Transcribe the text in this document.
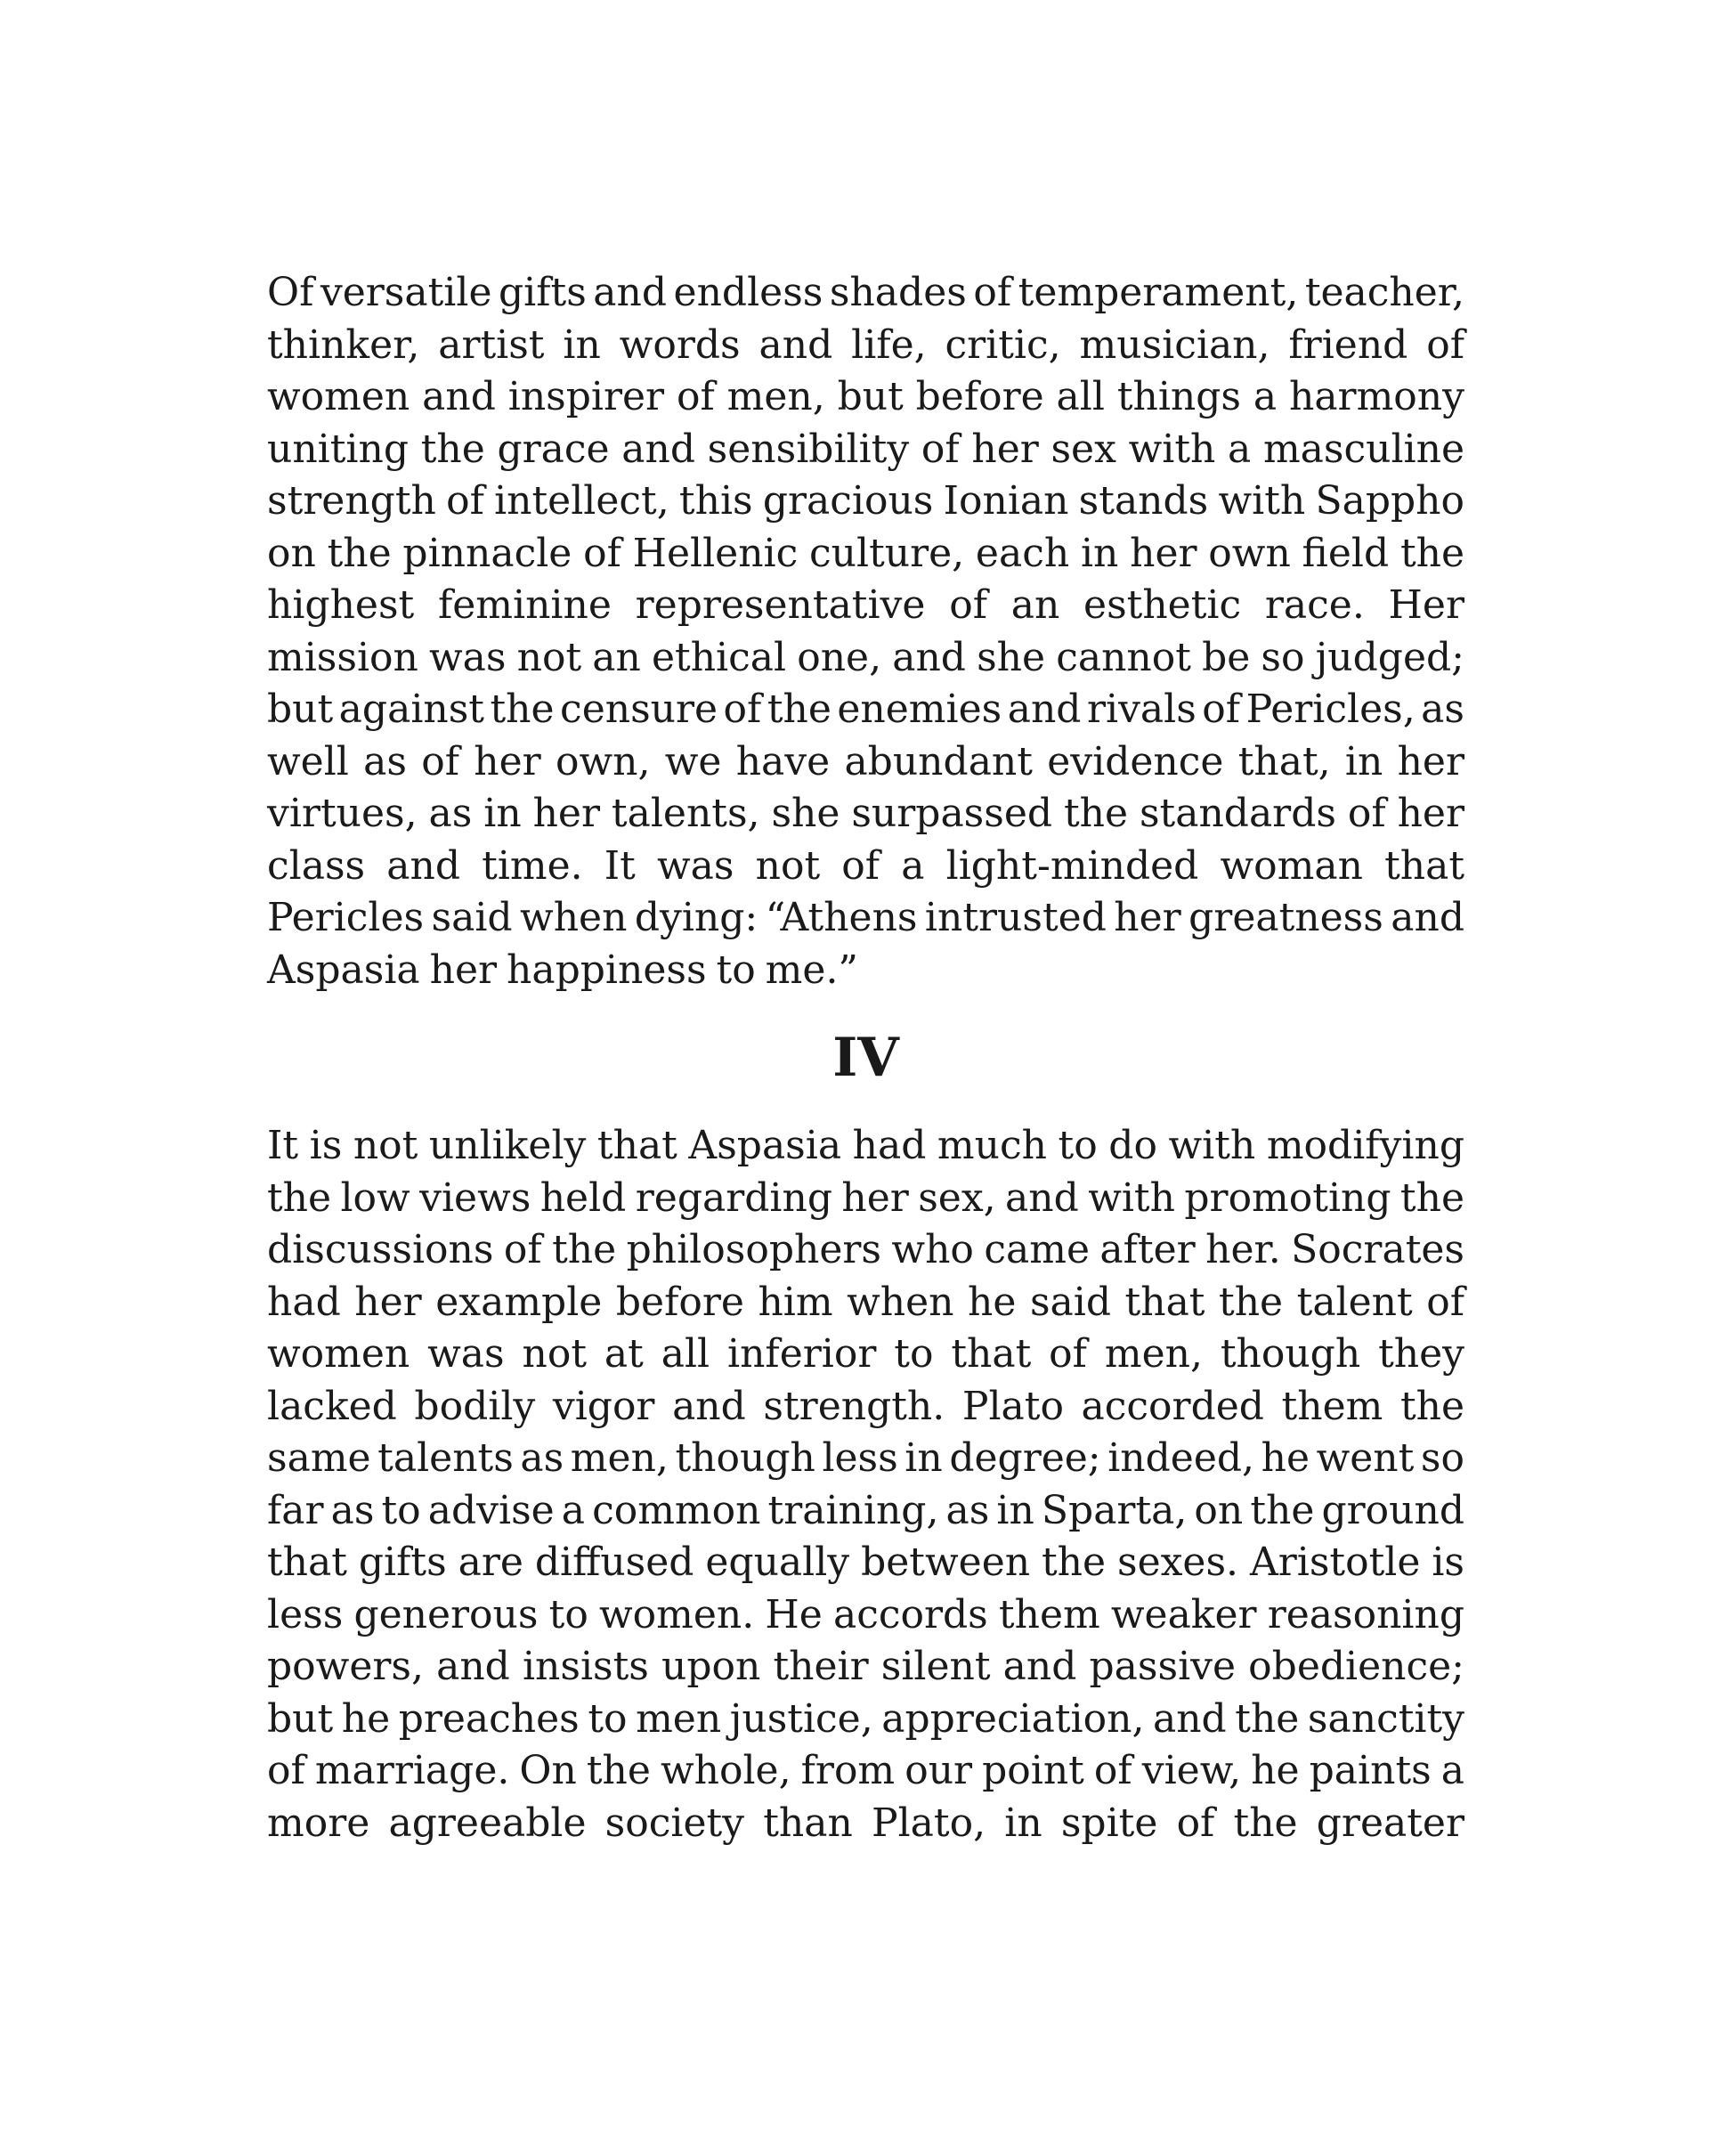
Of versatile gifts and endless shades of temperament, teacher,
thinker, artist in words and life, critic, musician, friend of
women and inspirer of men, but before all things a harmony
uniting the grace and sensibility of her sex with a masculine
strength of intellect, this gracious Ionian stands with Sappho
on the pinnacle of Hellenic culture, each in her own field the
highest feminine representative of an esthetic race. Her
mission was not an ethical one, and she cannot be so judged;
but against the censure of the enemies and rivals of Pericles, as
well as of her own, we have abundant evidence that, in her
virtues, as in her talents, she surpassed the standards of her
class and time. It was not of a light-minded woman that
Pericles said when dying: “Athens intrusted her greatness and
Aspasia her happiness to me.”
IV
It is not unlikely that Aspasia had much to do with modifying
the low views held regarding her sex, and with promoting the
discussions of the philosophers who came after her. Socrates
had her example before him when he said that the talent of
women was not at all inferior to that of men, though they
lacked bodily vigor and strength. Plato accorded them the
same talents as men, though less in degree; indeed, he went so
far as to advise a common training, as in Sparta, on the ground
that gifts are diffused equally between the sexes. Aristotle is
less generous to women. He accords them weaker reasoning
powers, and insists upon their silent and passive obedience;
but he preaches to men justice, appreciation, and the sanctity
of marriage. On the whole, from our point of view, he paints a
more agreeable society than Plato, in spite of the greater
